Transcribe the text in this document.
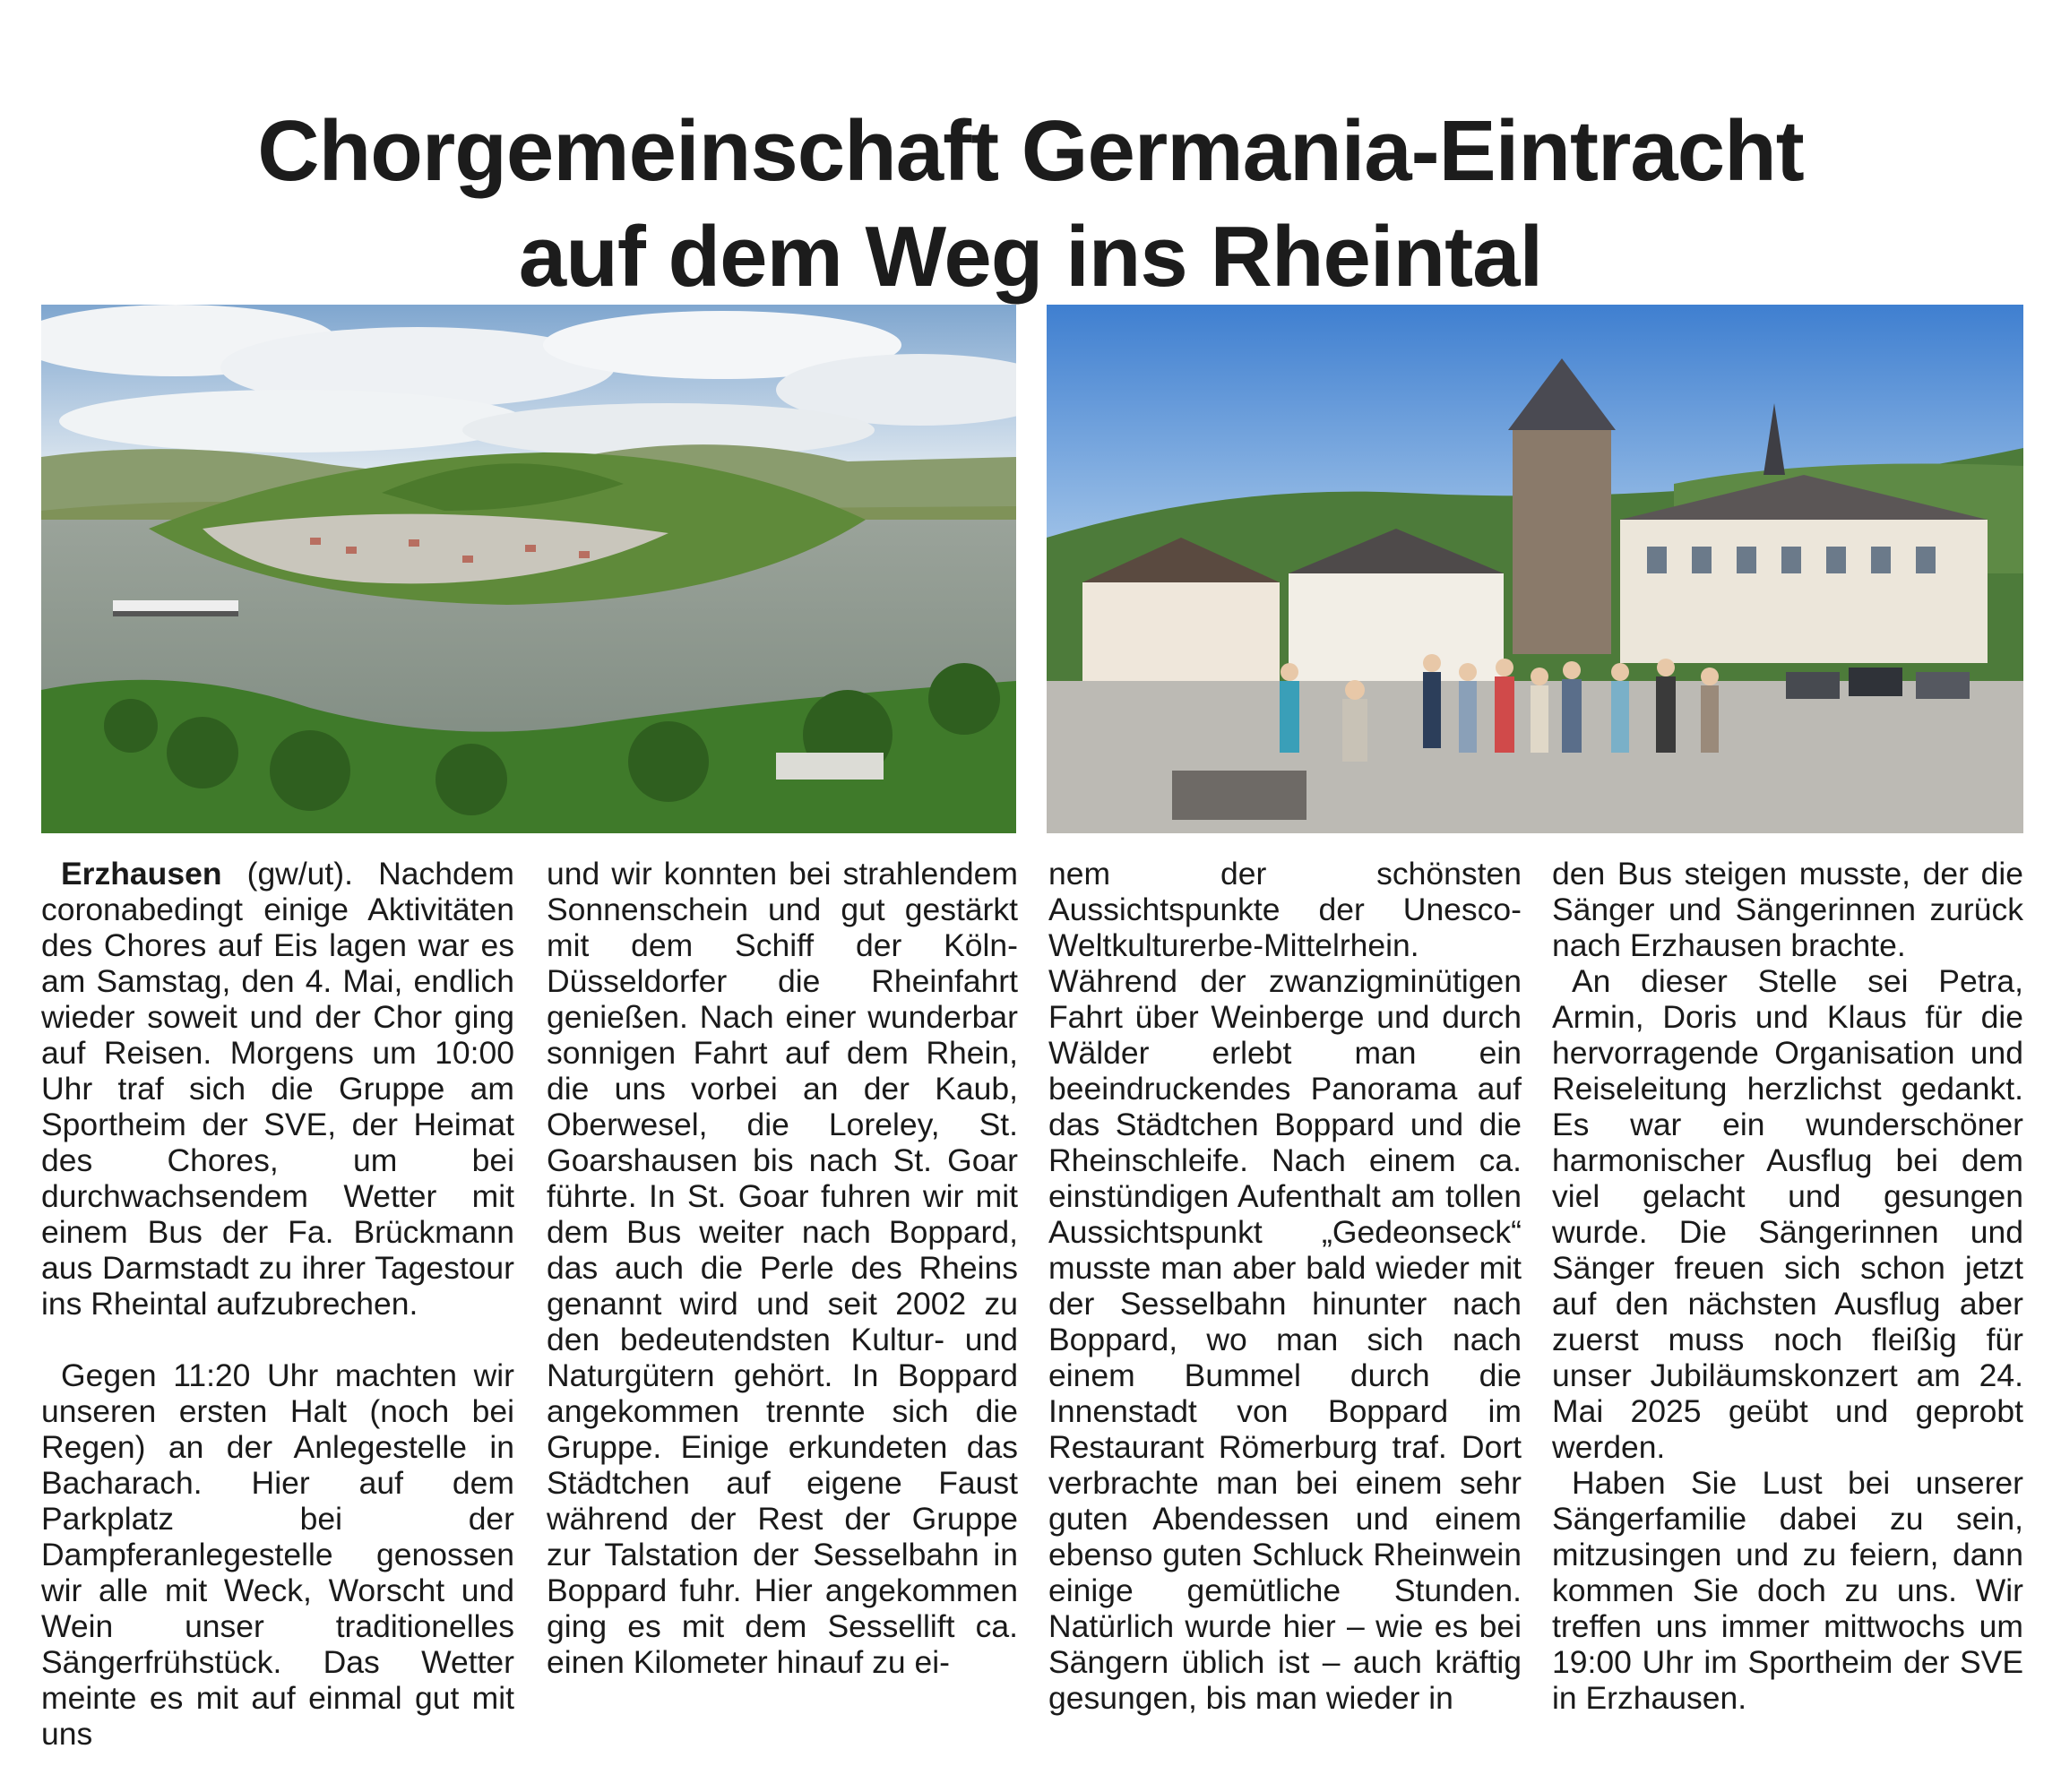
Chorgemeinschaft Germania-Eintracht
auf dem Weg ins Rheintal

Erzhausen (gw/ut). Nachdem coronabedingt einige Aktivitäten des Chores auf Eis lagen war es am Samstag, den 4. Mai, endlich wieder soweit und der Chor ging auf Reisen. Morgens um 10:00 Uhr traf sich die Gruppe am Sportheim der SVE, der Heimat des Chores, um bei durchwachsendem Wetter mit einem Bus der Fa. Brückmann aus Darmstadt zu ihrer Tagestour ins Rheintal aufzubrechen.

Gegen 11:20 Uhr machten wir unseren ersten Halt (noch bei Regen) an der Anlegestelle in Bacharach. Hier auf dem Parkplatz bei der Dampferanlegestelle genossen wir alle mit Weck, Worscht und Wein unser traditionelles Sängerfrühstück. Das Wetter meinte es mit auf einmal gut mit uns

und wir konnten bei strahlendem Sonnenschein und gut gestärkt mit dem Schiff der Köln-Düsseldorfer die Rheinfahrt genießen. Nach einer wunderbar sonnigen Fahrt auf dem Rhein, die uns vorbei an der Kaub, Oberwesel, die Loreley, St. Goarshausen bis nach St. Goar führte. In St. Goar fuhren wir mit dem Bus weiter nach Boppard, das auch die Perle des Rheins genannt wird und seit 2002 zu den bedeutendsten Kultur- und Naturgütern gehört. In Boppard angekommen trennte sich die Gruppe. Einige erkundeten das Städtchen auf eigene Faust während der Rest der Gruppe zur Talstation der Sesselbahn in Boppard fuhr. Hier angekommen ging es mit dem Sessellift ca. einen Kilometer hinauf zu ei-

nem der schönsten Aussichtspunkte der Unesco-Weltkulturerbe-Mittelrhein. Während der zwanzigminütigen Fahrt über Weinberge und durch Wälder erlebt man ein beeindruckendes Panorama auf das Städtchen Boppard und die Rheinschleife. Nach einem ca. einstündigen Aufenthalt am tollen Aussichtspunkt „Gedeonseck“ musste man aber bald wieder mit der Sesselbahn hinunter nach Boppard, wo man sich nach einem Bummel durch die Innenstadt von Boppard im Restaurant Römerburg traf. Dort verbrachte man bei einem sehr guten Abendessen und einem ebenso guten Schluck Rheinwein einige gemütliche Stunden. Natürlich wurde hier – wie es bei Sängern üblich ist – auch kräftig gesungen, bis man wieder in

den Bus steigen musste, der die Sänger und Sängerinnen zurück nach Erzhausen brachte.

An dieser Stelle sei Petra, Armin, Doris und Klaus für die hervorragende Organisation und Reiseleitung herzlichst gedankt. Es war ein wunderschöner harmonischer Ausflug bei dem viel gelacht und gesungen wurde. Die Sängerinnen und Sänger freuen sich schon jetzt auf den nächsten Ausflug aber zuerst muss noch fleißig für unser Jubiläumskonzert am 24. Mai 2025 geübt und geprobt werden.

Haben Sie Lust bei unserer Sängerfamilie dabei zu sein, mitzusingen und zu feiern, dann kommen Sie doch zu uns. Wir treffen uns immer mittwochs um 19:00 Uhr im Sportheim der SVE in Erzhausen.
